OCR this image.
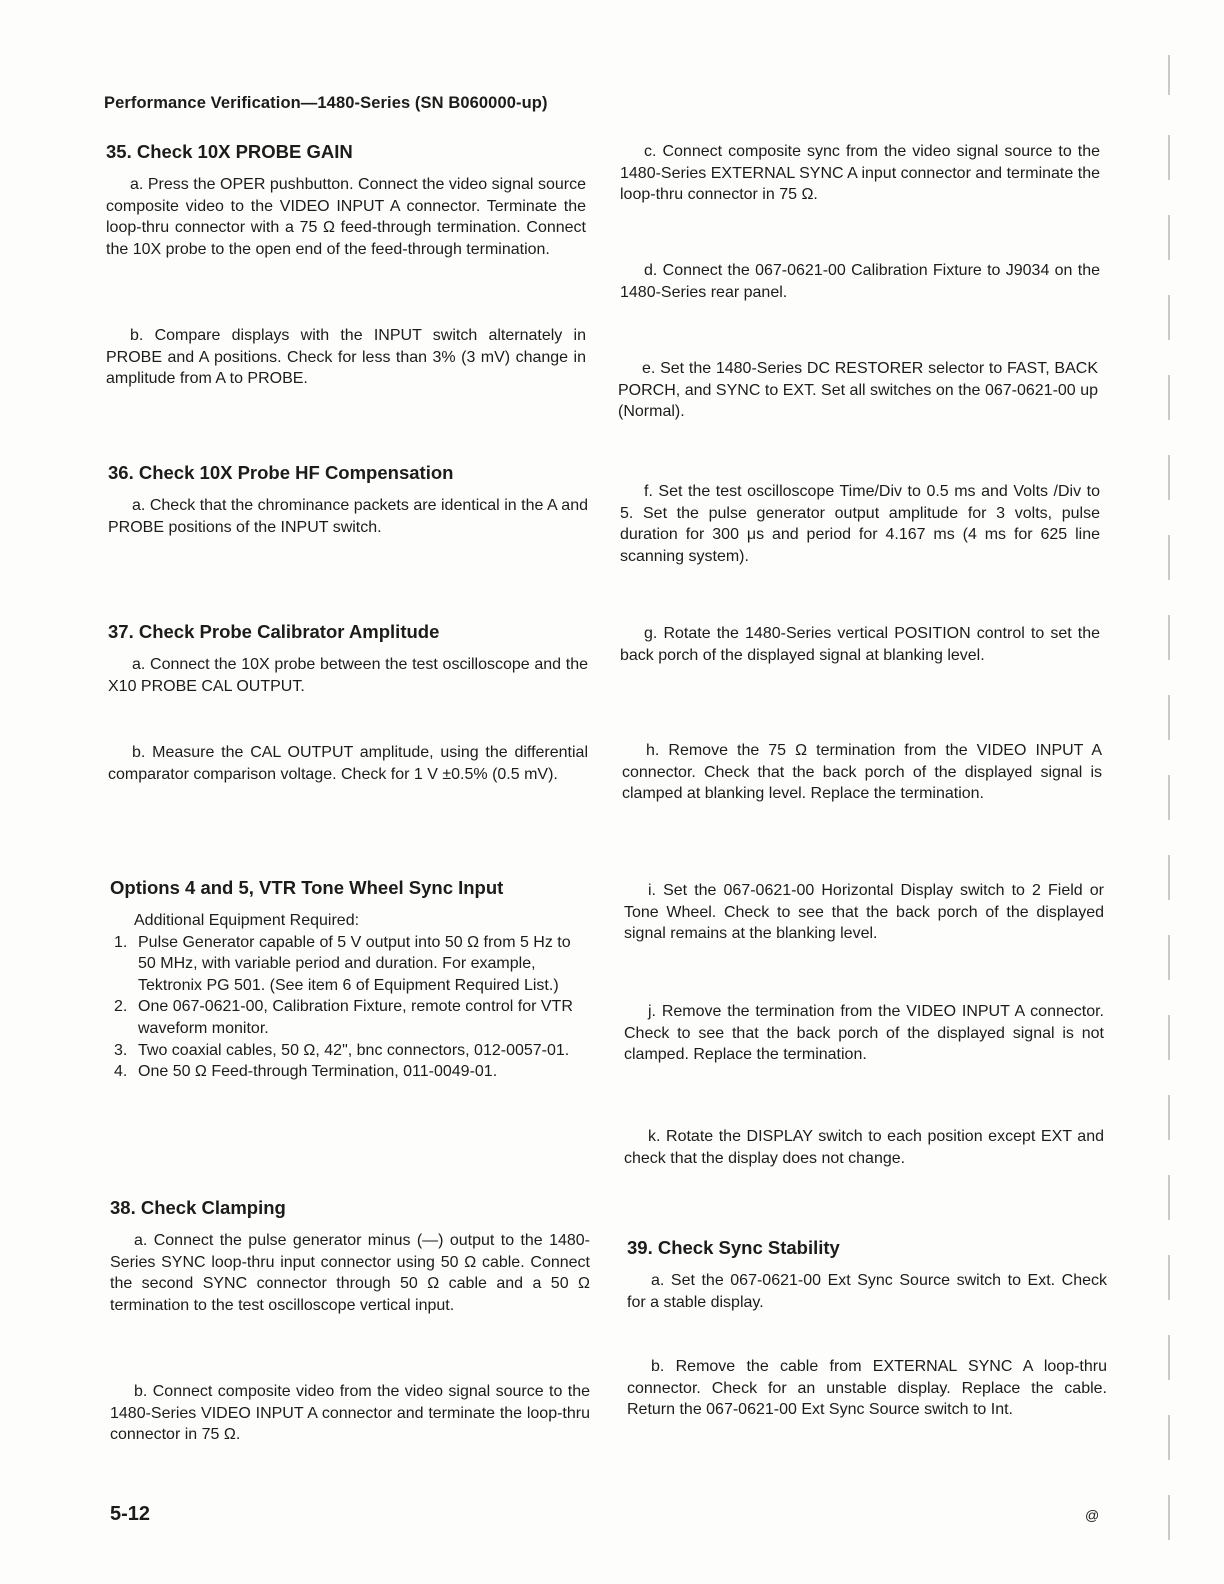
Performance Verification—1480-Series (SN B060000-up)
35. Check 10X PROBE GAIN

a. Press the OPER pushbutton. Connect the video signal source composite video to the VIDEO INPUT A connector. Terminate the loop-thru connector with a 75 Ω feed-through termination. Connect the 10X probe to the open end of the feed-through termination.

b. Compare displays with the INPUT switch alternately in PROBE and A positions. Check for less than 3% (3 mV) change in amplitude from A to PROBE.

36. Check 10X Probe HF Compensation

a. Check that the chrominance packets are identical in the A and PROBE positions of the INPUT switch.

37. Check Probe Calibrator Amplitude

a. Connect the 10X probe between the test oscilloscope and the X10 PROBE CAL OUTPUT.

b. Measure the CAL OUTPUT amplitude, using the differential comparator comparison voltage. Check for 1 V ±0.5% (0.5 mV).

Options 4 and 5, VTR Tone Wheel Sync Input

Additional Equipment Required:

1. Pulse Generator capable of 5 V output into 50 Ω from 5 Hz to 50 MHz, with variable period and duration. For example, Tektronix PG 501. (See item 6 of Equipment Required List.)
2. One 067-0621-00, Calibration Fixture, remote control for VTR waveform monitor.
3. Two coaxial cables, 50 Ω, 42", bnc connectors, 012-0057-01.
4. One 50 Ω Feed-through Termination, 011-0049-01.
38. Check Clamping

a. Connect the pulse generator minus (—) output to the 1480-Series SYNC loop-thru input connector using 50 Ω cable. Connect the second SYNC connector through 50 Ω cable and a 50 Ω termination to the test oscilloscope vertical input.

b. Connect composite video from the video signal source to the 1480-Series VIDEO INPUT A connector and terminate the loop-thru connector in 75 Ω.

c. Connect composite sync from the video signal source to the 1480-Series EXTERNAL SYNC A input connector and terminate the loop-thru connector in 75 Ω.

d. Connect the 067-0621-00 Calibration Fixture to J9034 on the 1480-Series rear panel.

e. Set the 1480-Series DC RESTORER selector to FAST, BACK PORCH, and SYNC to EXT. Set all switches on the 067-0621-00 up (Normal).

f. Set the test oscilloscope Time/Div to 0.5 ms and Volts /Div to 5. Set the pulse generator output amplitude for 3 volts, pulse duration for 300 μs and period for 4.167 ms (4 ms for 625 line scanning system).

g. Rotate the 1480-Series vertical POSITION control to set the back porch of the displayed signal at blanking level.

h. Remove the 75 Ω termination from the VIDEO INPUT A connector. Check that the back porch of the displayed signal is clamped at blanking level. Replace the termination.

i. Set the 067-0621-00 Horizontal Display switch to 2 Field or Tone Wheel. Check to see that the back porch of the displayed signal remains at the blanking level.

j. Remove the termination from the VIDEO INPUT A connector. Check to see that the back porch of the displayed signal is not clamped. Replace the termination.

k. Rotate the DISPLAY switch to each position except EXT and check that the display does not change.

39. Check Sync Stability

a. Set the 067-0621-00 Ext Sync Source switch to Ext. Check for a stable display.

b. Remove the cable from EXTERNAL SYNC A loop-thru connector. Check for an unstable display. Replace the cable. Return the 067-0621-00 Ext Sync Source switch to Int.

5-12	@
